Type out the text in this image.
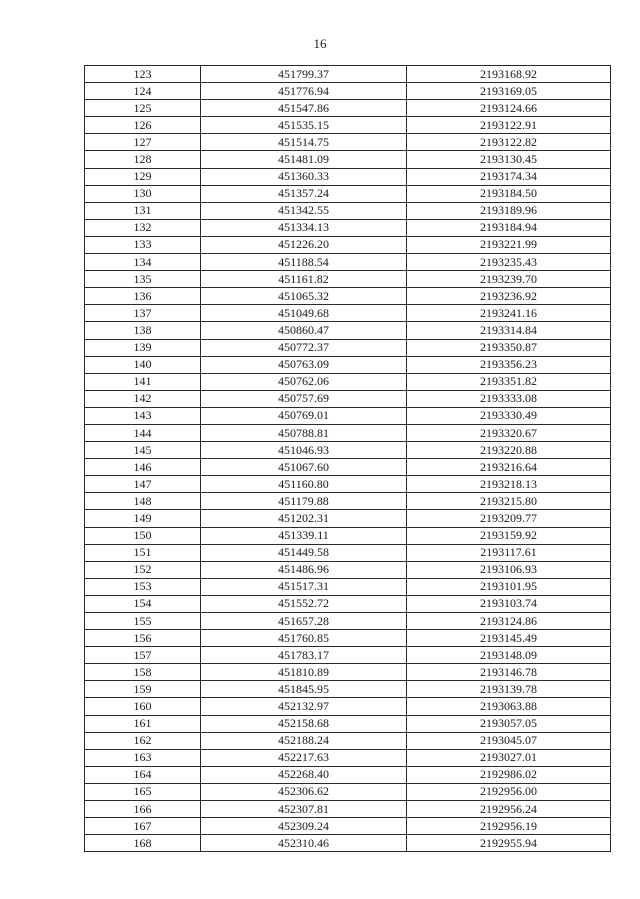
16
123	451799.37	2193168.92
124	451776.94	2193169.05
125	451547.86	2193124.66
126	451535.15	2193122.91
127	451514.75	2193122.82
128	451481.09	2193130.45
129	451360.33	2193174.34
130	451357.24	2193184.50
131	451342.55	2193189.96
132	451334.13	2193184.94
133	451226.20	2193221.99
134	451188.54	2193235.43
135	451161.82	2193239.70
136	451065.32	2193236.92
137	451049.68	2193241.16
138	450860.47	2193314.84
139	450772.37	2193350.87
140	450763.09	2193356.23
141	450762.06	2193351.82
142	450757.69	2193333.08
143	450769.01	2193330.49
144	450788.81	2193320.67
145	451046.93	2193220.88
146	451067.60	2193216.64
147	451160.80	2193218.13
148	451179.88	2193215.80
149	451202.31	2193209.77
150	451339.11	2193159.92
151	451449.58	2193117.61
152	451486.96	2193106.93
153	451517.31	2193101.95
154	451552.72	2193103.74
155	451657.28	2193124.86
156	451760.85	2193145.49
157	451783.17	2193148.09
158	451810.89	2193146.78
159	451845.95	2193139.78
160	452132.97	2193063.88
161	452158.68	2193057.05
162	452188.24	2193045.07
163	452217.63	2193027.01
164	452268.40	2192986.02
165	452306.62	2192956.00
166	452307.81	2192956.24
167	452309.24	2192956.19
168	452310.46	2192955.94
